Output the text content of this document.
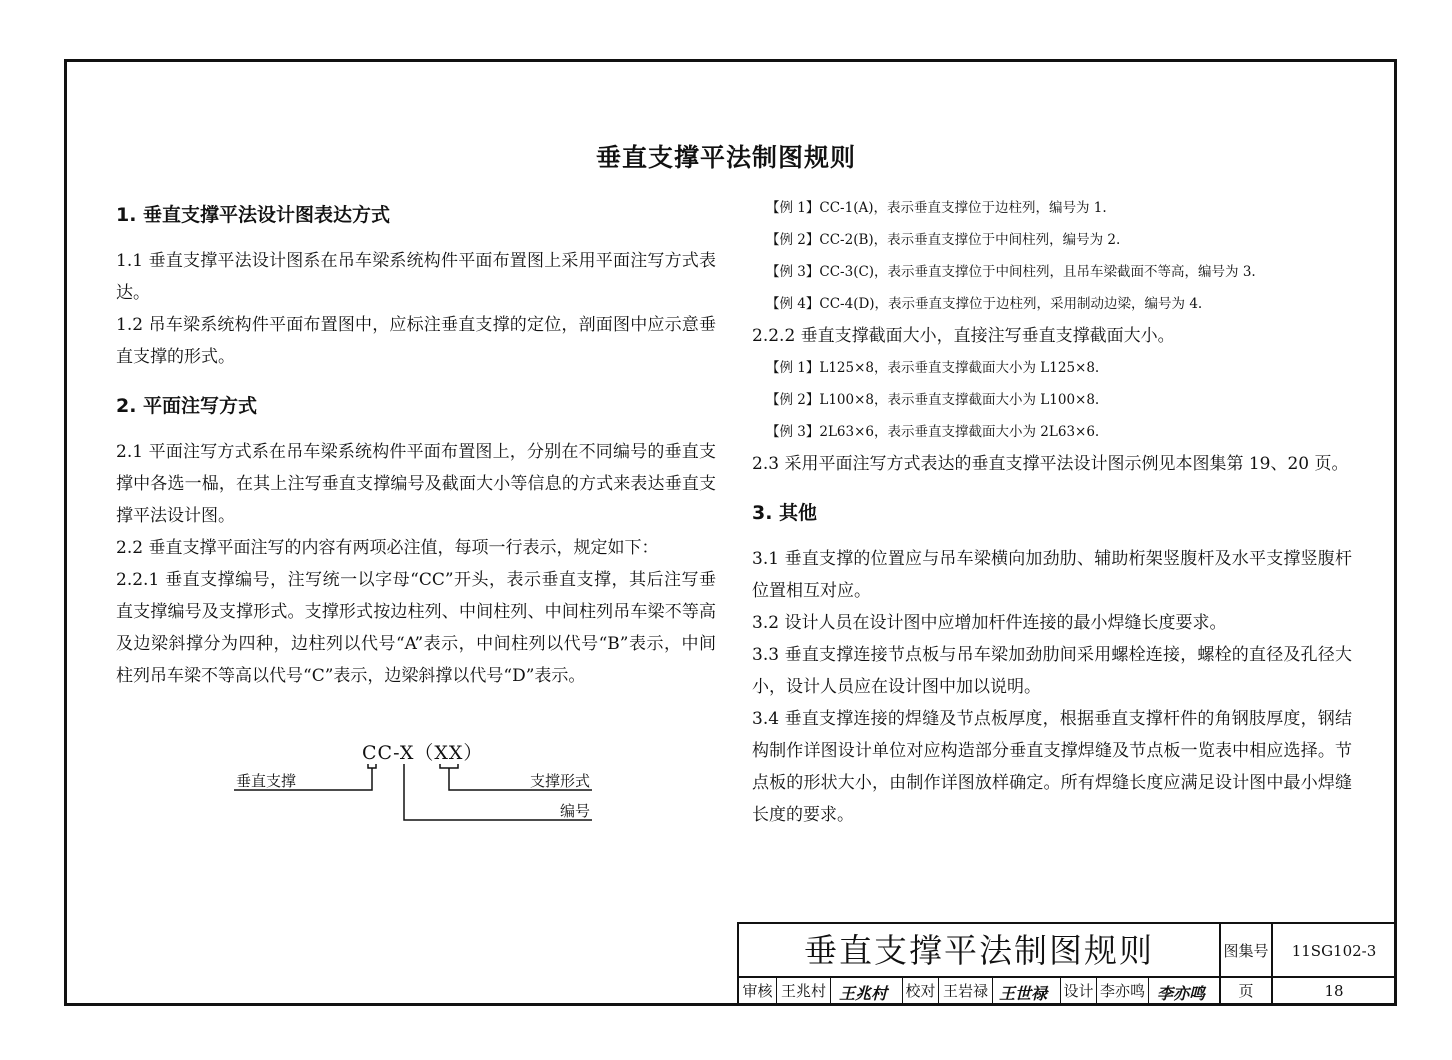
垂直支撑平法制图规则

1. 垂直支撑平法设计图表达方式

1.1 垂直支撑平法设计图系在吊车梁系统构件平面布置图上采用平面注写方式表达。

1.2 吊车梁系统构件平面布置图中，应标注垂直支撑的定位，剖面图中应示意垂直支撑的形式。

2. 平面注写方式

2.1 平面注写方式系在吊车梁系统构件平面布置图上，分别在不同编号的垂直支撑中各选一榀，在其上注写垂直支撑编号及截面大小等信息的方式来表达垂直支撑平法设计图。

2.2 垂直支撑平面注写的内容有两项必注值，每项一行表示，规定如下：

2.2.1 垂直支撑编号，注写统一以字母“CC”开头，表示垂直支撑，其后注写垂直支撑编号及支撑形式。支撑形式按边柱列、中间柱列、中间柱列吊车梁不等高及边梁斜撑分为四种，边柱列以代号“A”表示，中间柱列以代号“B”表示，中间柱列吊车梁不等高以代号“C”表示，边梁斜撑以代号“D”表示。

CC-X（XX）
垂直支撑	支撑形式
编号

【例 1】CC-1(A)，表示垂直支撑位于边柱列，编号为 1.

【例 2】CC-2(B)，表示垂直支撑位于中间柱列，编号为 2.

【例 3】CC-3(C)，表示垂直支撑位于中间柱列，且吊车梁截面不等高，编号为 3.

【例 4】CC-4(D)，表示垂直支撑位于边柱列，采用制动边梁，编号为 4.

2.2.2 垂直支撑截面大小，直接注写垂直支撑截面大小。

【例 1】L125×8，表示垂直支撑截面大小为 L125×8.

【例 2】L100×8，表示垂直支撑截面大小为 L100×8.

【例 3】2L63×6，表示垂直支撑截面大小为 2L63×6.

2.3 采用平面注写方式表达的垂直支撑平法设计图示例见本图集第 19、20 页。

3. 其他

3.1 垂直支撑的位置应与吊车梁横向加劲肋、辅助桁架竖腹杆及水平支撑竖腹杆位置相互对应。

3.2 设计人员在设计图中应增加杆件连接的最小焊缝长度要求。

3.3 垂直支撑连接节点板与吊车梁加劲肋间采用螺栓连接，螺栓的直径及孔径大小，设计人员应在设计图中加以说明。

3.4 垂直支撑连接的焊缝及节点板厚度，根据垂直支撑杆件的角钢肢厚度，钢结构制作详图设计单位对应构造部分垂直支撑焊缝及节点板一览表中相应选择。节点板的形状大小，由制作详图放样确定。所有焊缝长度应满足设计图中最小焊缝长度的要求。

垂直支撑平法制图规则	图集号	11SG102-3
审核 王兆村 王兆村 校对 王岩禄 王世禄 设计 李亦鸣 李亦鸣	页	18
